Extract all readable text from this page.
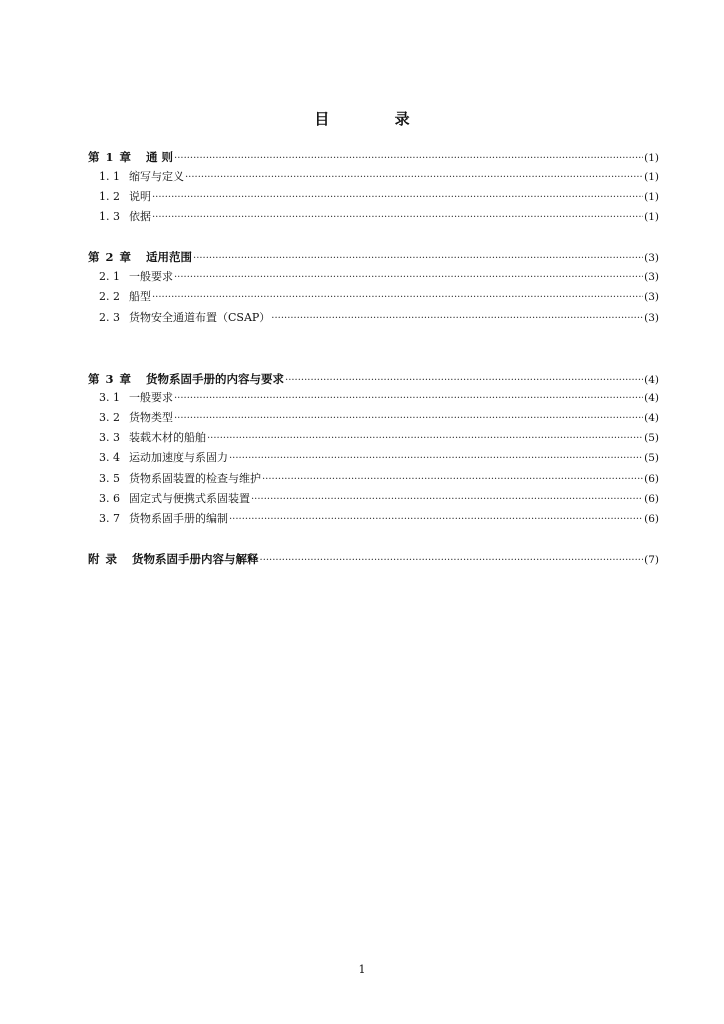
目 录
第 1 章 通 则 ·····	(1)
1. 1 缩写与定义 ·····	(1)
1. 2 说明 ·····	(1)
1. 3 依据 ·····	(1)
第 2 章 适用范围 ·····	(3)
2. 1 一般要求 ·····	(3)
2. 2 船型 ·····	(3)
2. 3 货物安全通道布置（CSAP） ·····	(3)
第 3 章 货物系固手册的内容与要求 ·····	(4)
3. 1 一般要求 ·····	(4)
3. 2 货物类型 ·····	(4)
3. 3 装载木材的船舶 ·····	(5)
3. 4 运动加速度与系固力 ·····	(5)
3. 5 货物系固装置的检查与维护 ·····	(6)
3. 6 固定式与便携式系固装置 ·····	(6)
3. 7 货物系固手册的编制 ·····	(6)
附 录 货物系固手册内容与解释 ·····	(7)
1
